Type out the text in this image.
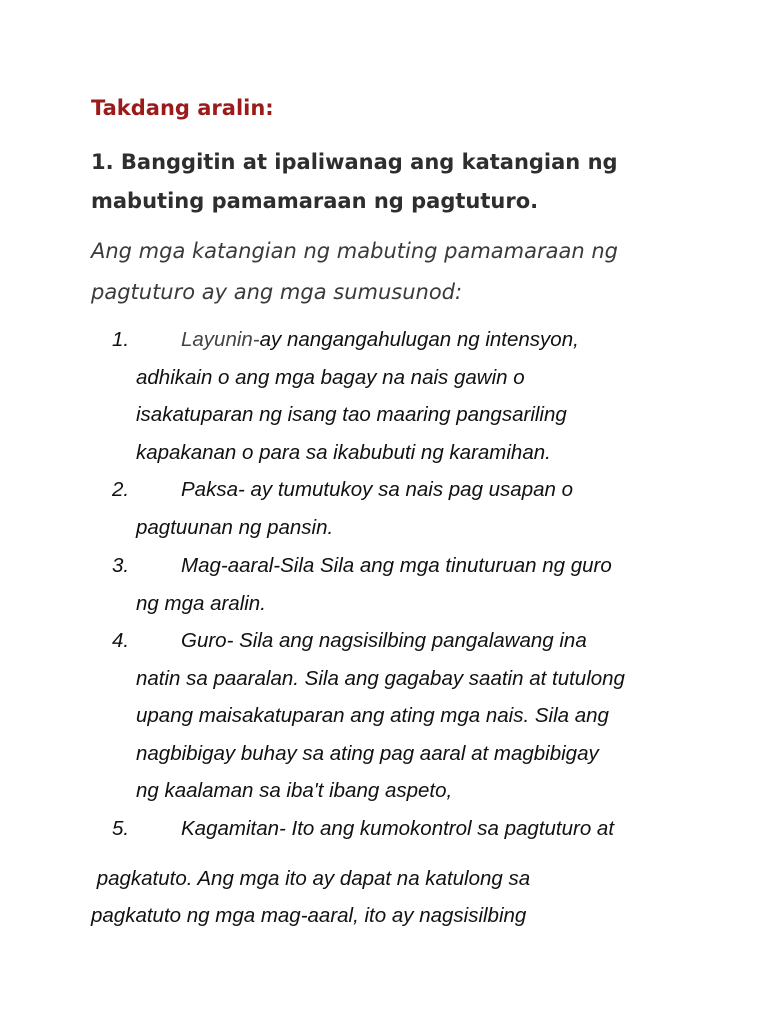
Takdang aralin:
1. Banggitin at ipaliwanag ang katangian ng
mabuting pamamaraan ng pagtuturo.
Ang mga katangian ng mabuting pamamaraan ng
pagtuturo ay ang mga sumusunod:
1.	Layunin-ay nangangahulugan ng intensyon,
adhikain o ang mga bagay na nais gawin o
isakatuparan ng isang tao maaring pangsariling
kapakanan o para sa ikabubuti ng karamihan.
2.	Paksa- ay tumutukoy sa nais pag usapan o
pagtuunan ng pansin.
3.	Mag-aaral-Sila Sila ang mga tinuturuan ng guro
ng mga aralin.
4.	Guro- Sila ang nagsisilbing pangalawang ina
natin sa paaralan. Sila ang gagabay saatin at tutulong
upang maisakatuparan ang ating mga nais. Sila ang
nagbibigay buhay sa ating pag aaral at magbibigay
ng kaalaman sa iba't ibang aspeto,
5.	Kagamitan- Ito ang kumokontrol sa pagtuturo at
pagkatuto. Ang mga ito ay dapat na katulong sa
pagkatuto ng mga mag-aaral, ito ay nagsisilbing
